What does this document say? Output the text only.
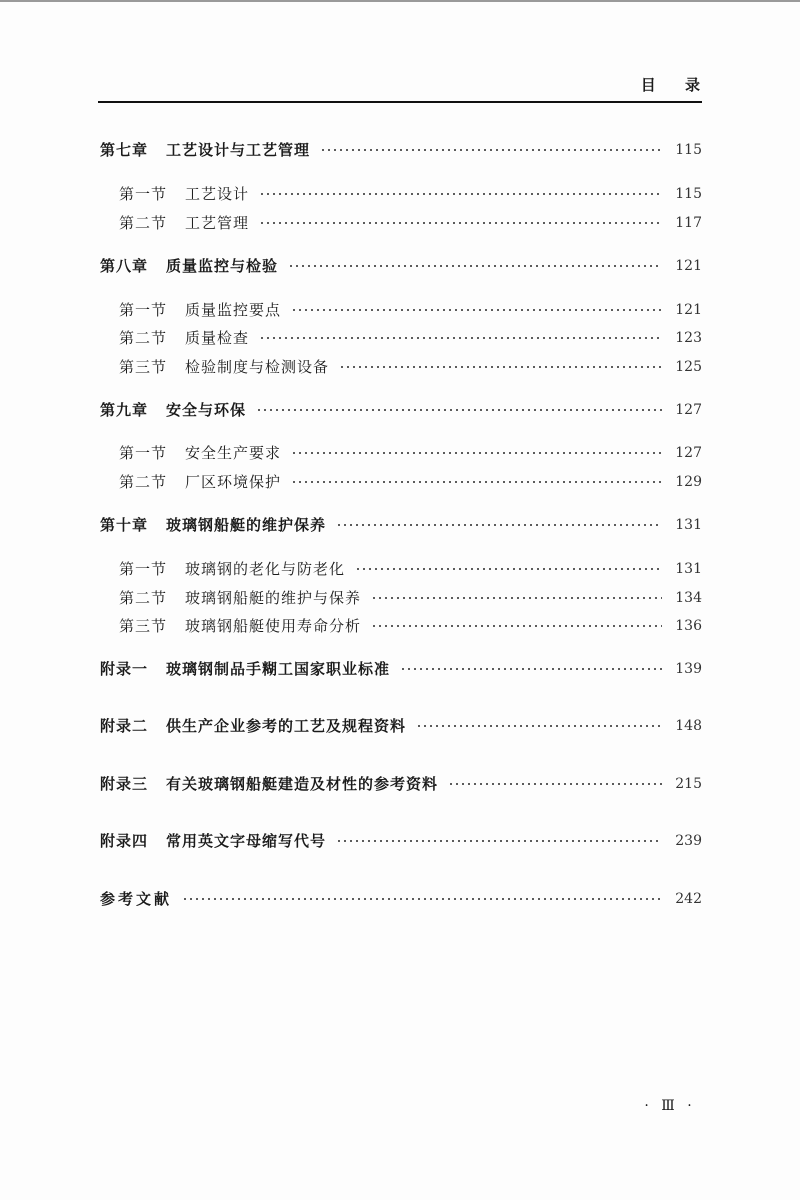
目 录
第七章 工艺设计与工艺管理	115
第一节 工艺设计	115
第二节 工艺管理	117
第八章 质量监控与检验	121
第一节 质量监控要点	121
第二节 质量检查	123
第三节 检验制度与检测设备	125
第九章 安全与环保	127
第一节 安全生产要求	127
第二节 厂区环境保护	129
第十章 玻璃钢船艇的维护保养	131
第一节 玻璃钢的老化与防老化	131
第二节 玻璃钢船艇的维护与保养	134
第三节 玻璃钢船艇使用寿命分析	136
附录一 玻璃钢制品手糊工国家职业标准	139
附录二 供生产企业参考的工艺及规程资料	148
附录三 有关玻璃钢船艇建造及材性的参考资料	215
附录四 常用英文字母缩写代号	239
参考文献	242
· Ⅲ ·
